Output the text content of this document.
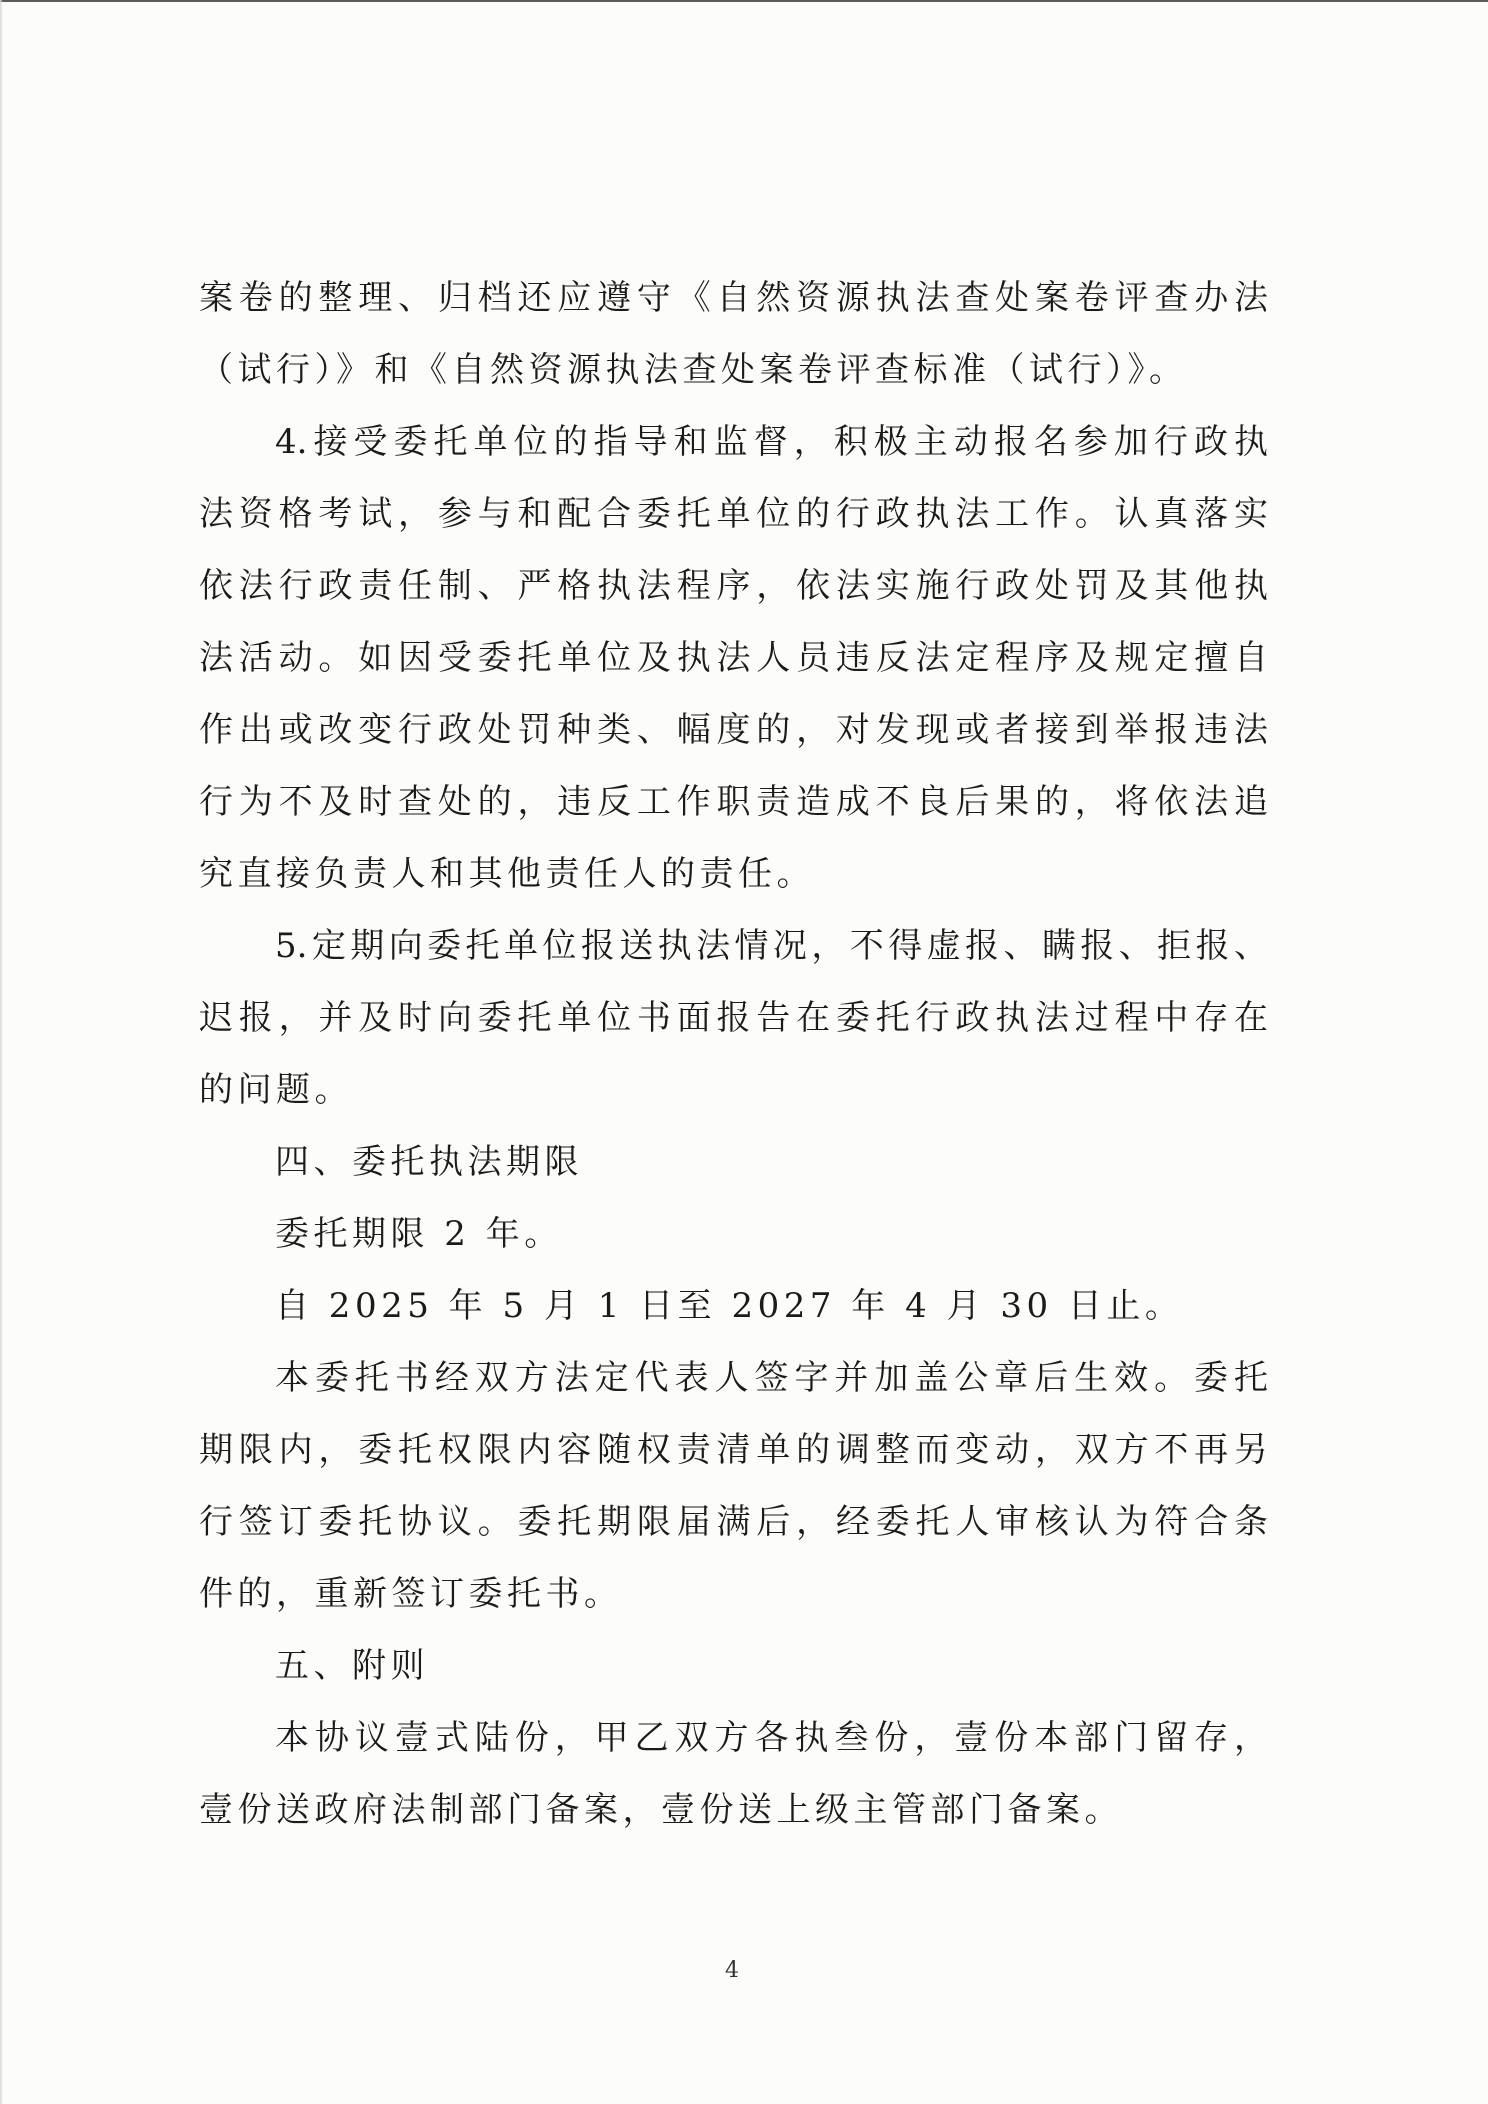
案卷的整理、归档还应遵守《自然资源执法查处案卷评查办法
（试行）》和《自然资源执法查处案卷评查标准（试行）》。
4.接受委托单位的指导和监督，积极主动报名参加行政执
法资格考试，参与和配合委托单位的行政执法工作。认真落实
依法行政责任制、严格执法程序，依法实施行政处罚及其他执
法活动。如因受委托单位及执法人员违反法定程序及规定擅自
作出或改变行政处罚种类、幅度的，对发现或者接到举报违法
行为不及时查处的，违反工作职责造成不良后果的，将依法追
究直接负责人和其他责任人的责任。
5.定期向委托单位报送执法情况，不得虚报、瞒报、拒报、
迟报，并及时向委托单位书面报告在委托行政执法过程中存在
的问题。
四、委托执法期限
委托期限 2 年。
自 2025 年 5 月 1 日至 2027 年 4 月 30 日止。
本委托书经双方法定代表人签字并加盖公章后生效。委托
期限内，委托权限内容随权责清单的调整而变动，双方不再另
行签订委托协议。委托期限届满后，经委托人审核认为符合条
件的，重新签订委托书。
五、附则
本协议壹式陆份，甲乙双方各执叁份，壹份本部门留存，
壹份送政府法制部门备案，壹份送上级主管部门备案。
4
